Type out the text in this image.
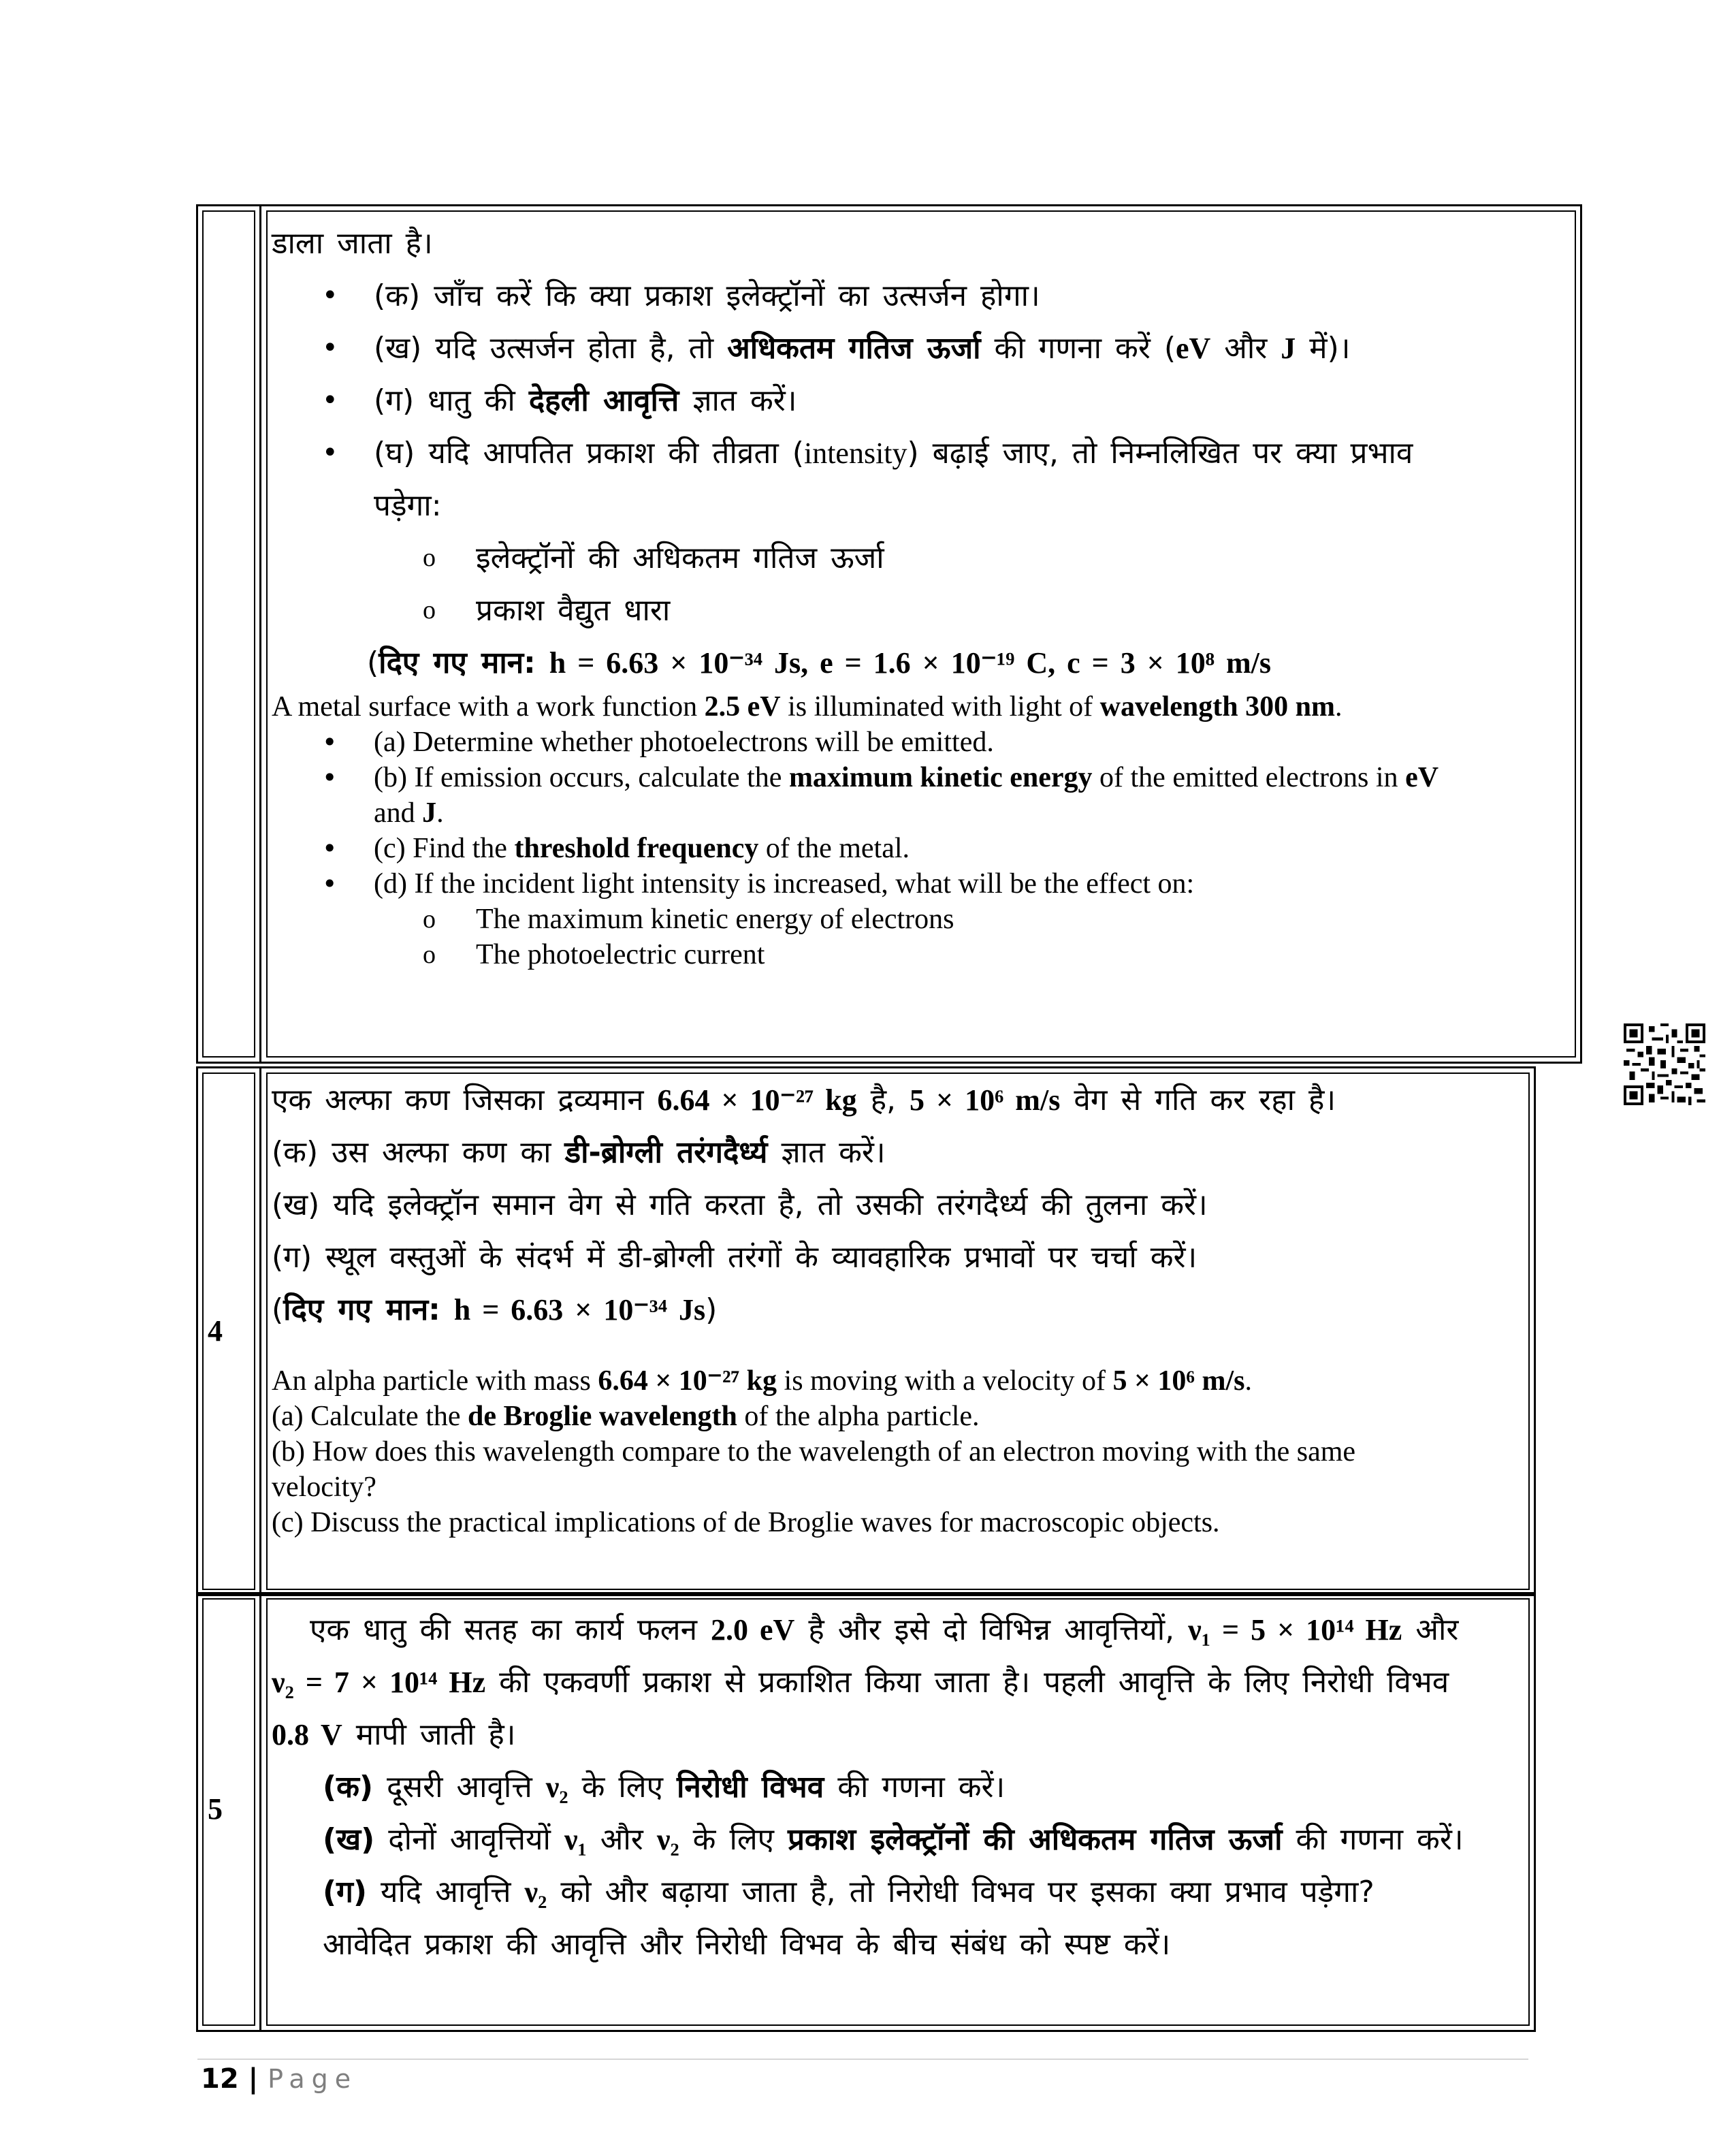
डाला जाता है।

• (क) जाँच करें कि क्या प्रकाश इलेक्ट्रॉनों का उत्सर्जन होगा।

• (ख) यदि उत्सर्जन होता है, तो अधिकतम गतिज ऊर्जा की गणना करें (eV और J में)।

• (ग) धातु की देहली आवृत्ति ज्ञात करें।

• (घ) यदि आपतित प्रकाश की तीव्रता (intensity) बढ़ाई जाए, तो निम्नलिखित पर क्या प्रभाव

पड़ेगा:

o इलेक्ट्रॉनों की अधिकतम गतिज ऊर्जा

o प्रकाश वैद्युत धारा

(दिए गए मान: h = 6.63 × 10⁻³⁴ Js, e = 1.6 × 10⁻¹⁹ C, c = 3 × 10⁸ m/s

A metal surface with a work function 2.5 eV is illuminated with light of wavelength 300 nm.

• (a) Determine whether photoelectrons will be emitted.

• (b) If emission occurs, calculate the maximum kinetic energy of the emitted electrons in eV
and J.

• (c) Find the threshold frequency of the metal.

• (d) If the incident light intensity is increased, what will be the effect on:

o The maximum kinetic energy of electrons

o The photoelectric current

4

एक अल्फा कण जिसका द्रव्यमान 6.64 × 10⁻²⁷ kg है, 5 × 10⁶ m/s वेग से गति कर रहा है।

(क) उस अल्फा कण का डी-ब्रोग्ली तरंगदैर्ध्य ज्ञात करें।

(ख) यदि इलेक्ट्रॉन समान वेग से गति करता है, तो उसकी तरंगदैर्ध्य की तुलना करें।

(ग) स्थूल वस्तुओं के संदर्भ में डी-ब्रोग्ली तरंगों के व्यावहारिक प्रभावों पर चर्चा करें।

(दिए गए मान: h = 6.63 × 10⁻³⁴ Js)

An alpha particle with mass 6.64 × 10⁻²⁷ kg is moving with a velocity of 5 × 10⁶ m/s.

(a) Calculate the de Broglie wavelength of the alpha particle.

(b) How does this wavelength compare to the wavelength of an electron moving with the same velocity?

(c) Discuss the practical implications of de Broglie waves for macroscopic objects.

5

एक धातु की सतह का कार्य फलन 2.0 eV है और इसे दो विभिन्न आवृत्तियों, ν₁ = 5 × 10¹⁴ Hz और   ν₂ = 7 × 10¹⁴ Hz की एकवर्णी प्रकाश से प्रकाशित किया जाता है। पहली आवृत्ति के लिए निरोधी विभव 0.8 V मापी जाती है।

(क) दूसरी आवृत्ति ν₂ के लिए निरोधी विभव की गणना करें।

(ख) दोनों आवृत्तियों ν₁ और ν₂ के लिए प्रकाश इलेक्ट्रॉनों की अधिकतम गतिज ऊर्जा की गणना करें।

(ग) यदि आवृत्ति ν₂ को और बढ़ाया जाता है, तो निरोधी विभव पर इसका क्या प्रभाव पड़ेगा?

आवेदित प्रकाश की आवृत्ति और निरोधी विभव के बीच संबंध को स्पष्ट करें।

12 | Page
